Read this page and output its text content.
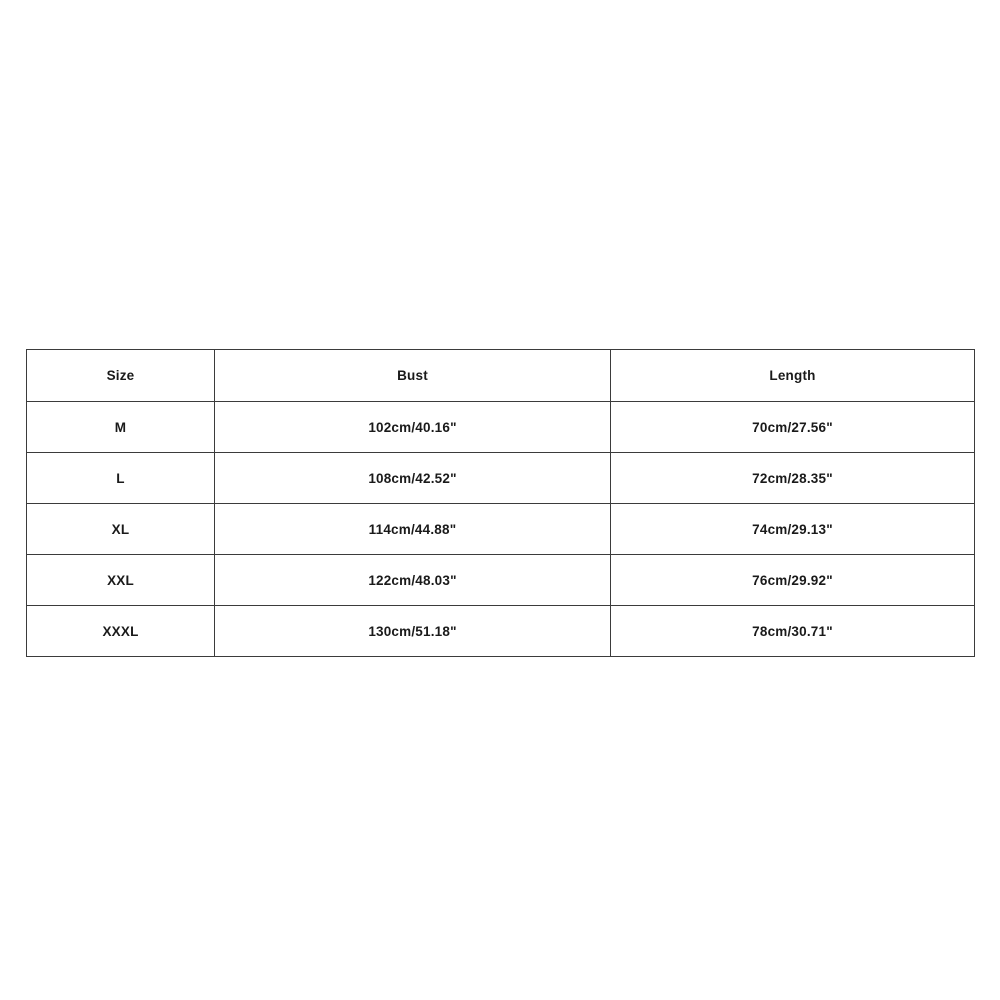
Size	Bust	Length
M	102cm/40.16"	70cm/27.56"
L	108cm/42.52"	72cm/28.35"
XL	114cm/44.88"	74cm/29.13"
XXL	122cm/48.03"	76cm/29.92"
XXXL	130cm/51.18"	78cm/30.71"
